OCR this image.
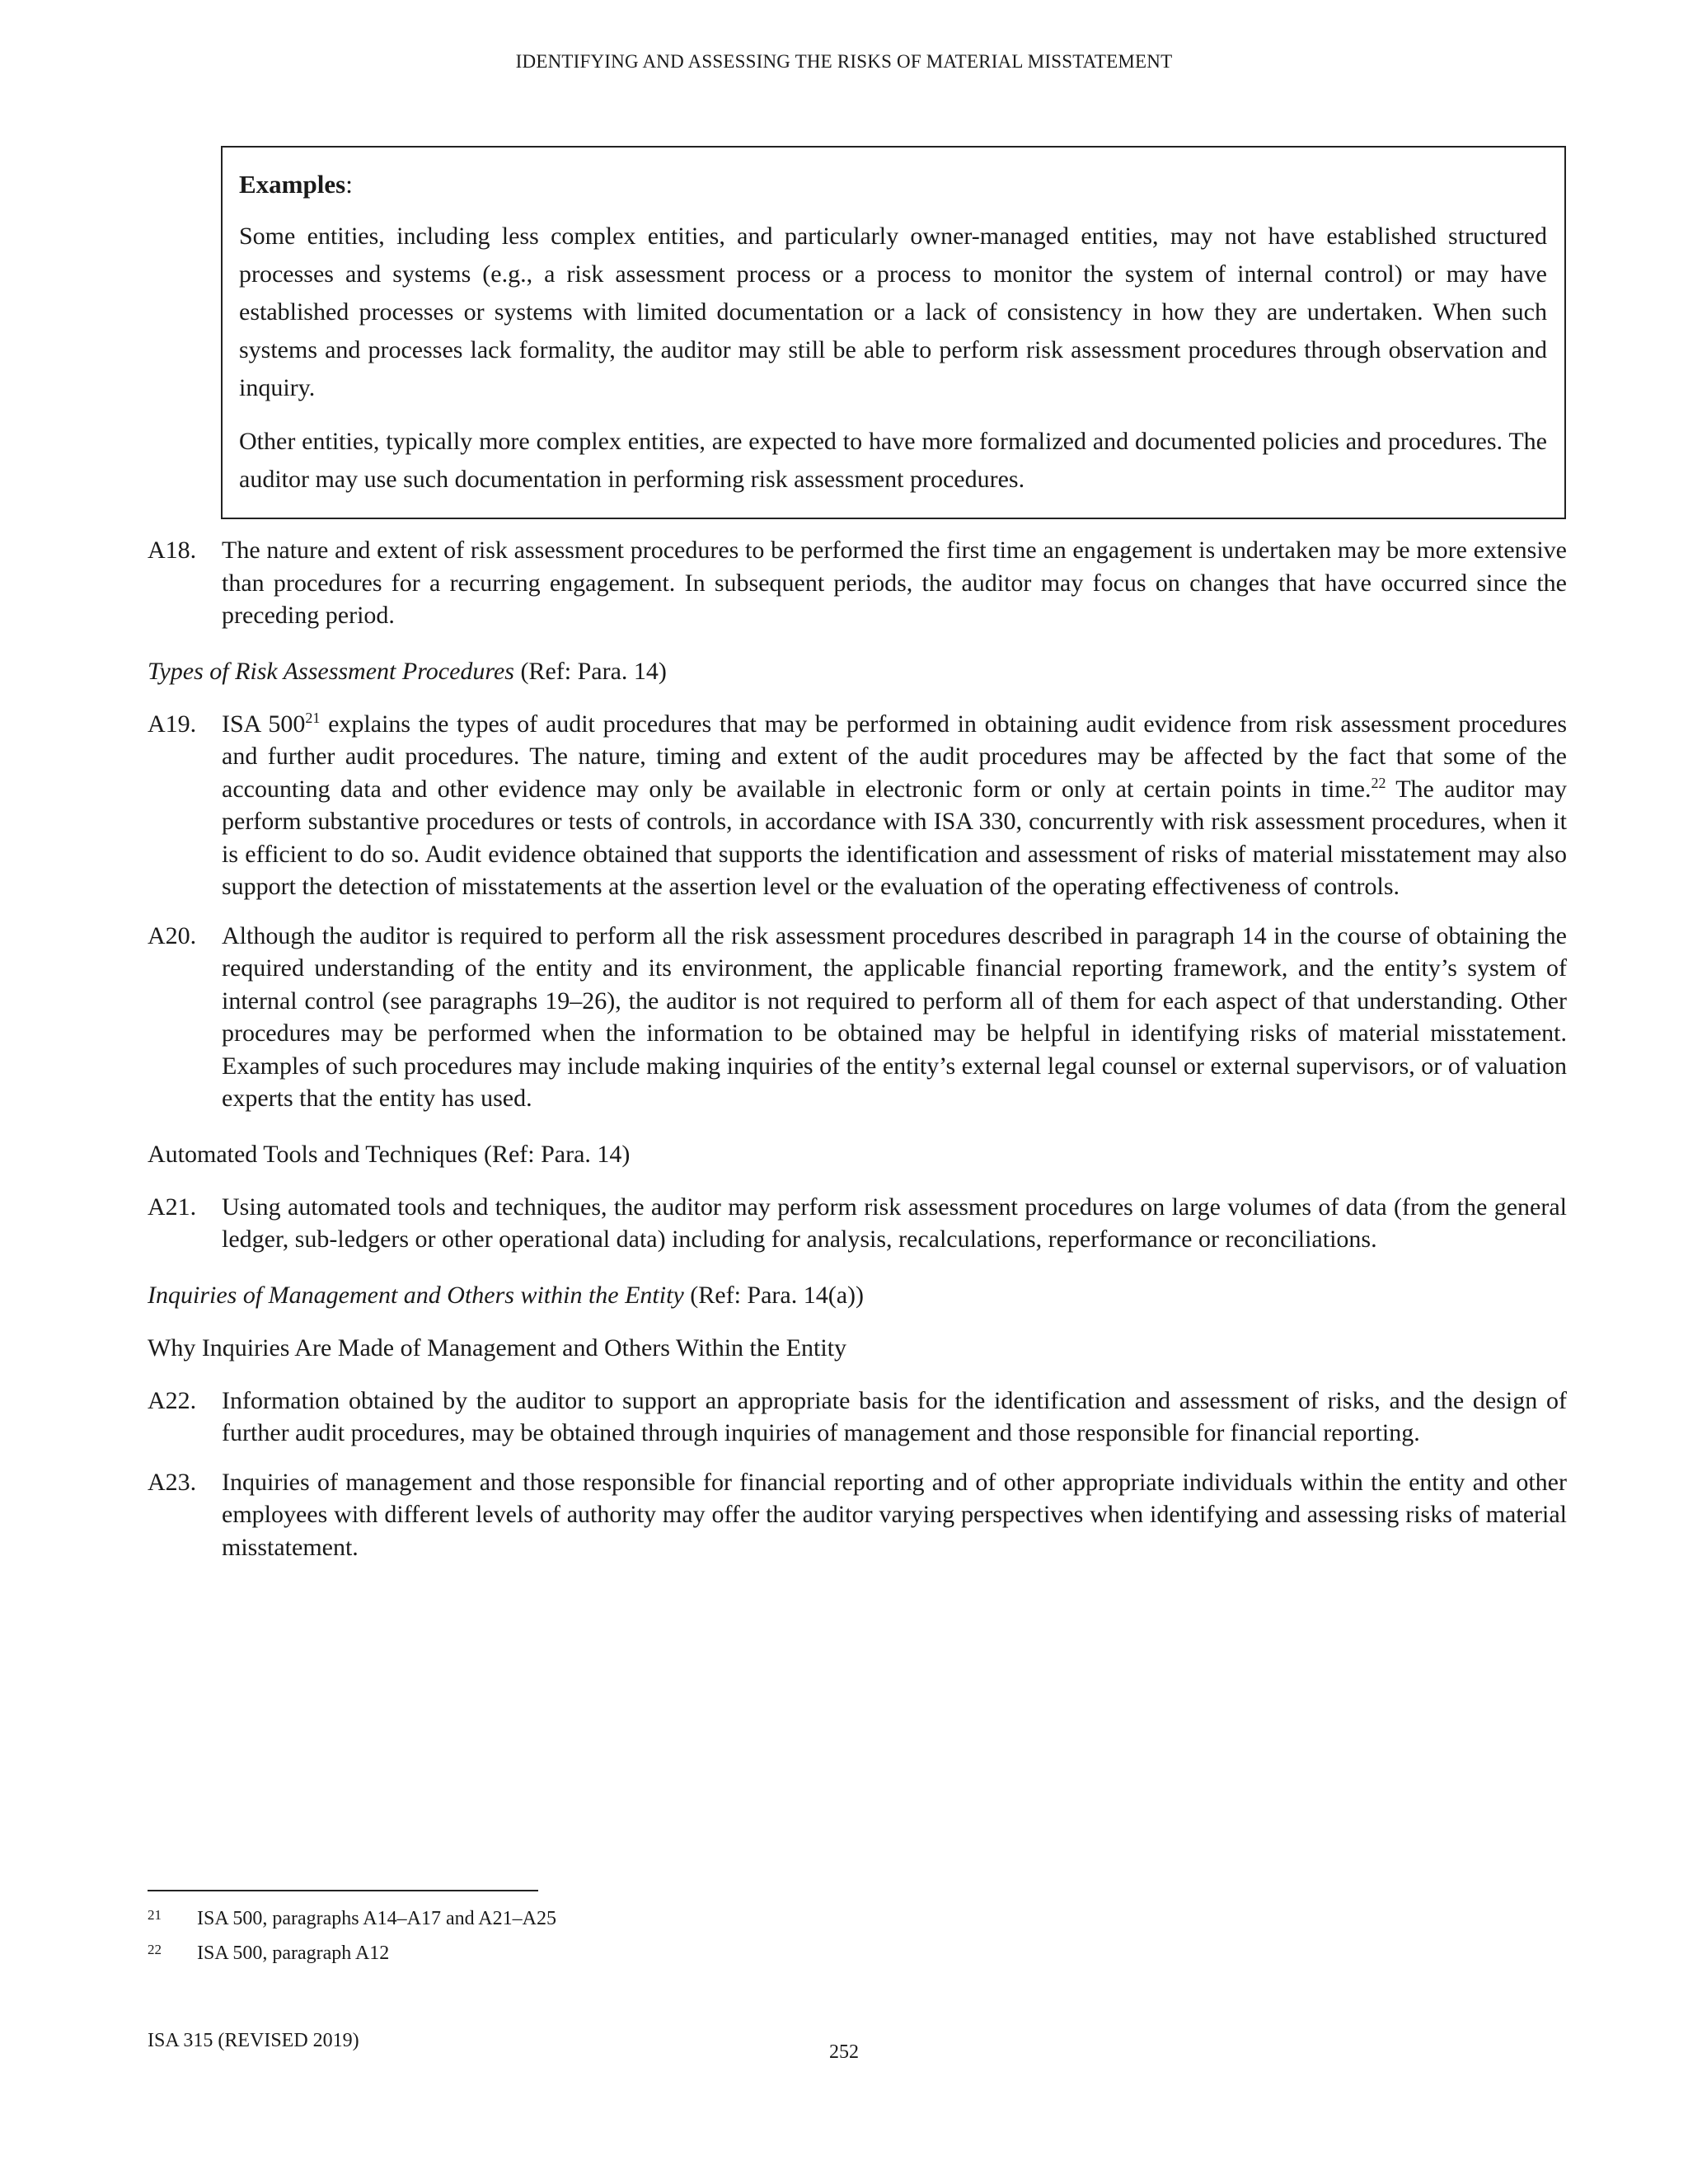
IDENTIFYING AND ASSESSING THE RISKS OF MATERIAL MISSTATEMENT
Examples:

Some entities, including less complex entities, and particularly owner-managed entities, may not have established structured processes and systems (e.g., a risk assessment process or a process to monitor the system of internal control) or may have established processes or systems with limited documentation or a lack of consistency in how they are undertaken. When such systems and processes lack formality, the auditor may still be able to perform risk assessment procedures through observation and inquiry.

Other entities, typically more complex entities, are expected to have more formalized and documented policies and procedures. The auditor may use such documentation in performing risk assessment procedures.

A18.	The nature and extent of risk assessment procedures to be performed the first time an engagement is undertaken may be more extensive than procedures for a recurring engagement. In subsequent periods, the auditor may focus on changes that have occurred since the preceding period.
Types of Risk Assessment Procedures (Ref: Para. 14)
A19.	ISA $500^{21}$ explains the types of audit procedures that may be performed in obtaining audit evidence from risk assessment procedures and further audit procedures. The nature, timing and extent of the audit procedures may be affected by the fact that some of the accounting data and other evidence may only be available in electronic form or only at certain points in time.$^{22}$ The auditor may perform substantive procedures or tests of controls, in accordance with ISA 330, concurrently with risk assessment procedures, when it is efficient to do so. Audit evidence obtained that supports the identification and assessment of risks of material misstatement may also support the detection of misstatements at the assertion level or the evaluation of the operating effectiveness of controls.
A20.	Although the auditor is required to perform all the risk assessment procedures described in paragraph 14 in the course of obtaining the required understanding of the entity and its environment, the applicable financial reporting framework, and the entity’s system of internal control (see paragraphs 19–26), the auditor is not required to perform all of them for each aspect of that understanding. Other procedures may be performed when the information to be obtained may be helpful in identifying risks of material misstatement. Examples of such procedures may include making inquiries of the entity’s external legal counsel or external supervisors, or of valuation experts that the entity has used.
Automated Tools and Techniques (Ref: Para. 14)
A21.	Using automated tools and techniques, the auditor may perform risk assessment procedures on large volumes of data (from the general ledger, sub-ledgers or other operational data) including for analysis, recalculations, reperformance or reconciliations.
Inquiries of Management and Others within the Entity (Ref: Para. 14(a))
Why Inquiries Are Made of Management and Others Within the Entity
A22.	Information obtained by the auditor to support an appropriate basis for the identification and assessment of risks, and the design of further audit procedures, may be obtained through inquiries of management and those responsible for financial reporting.
A23.	Inquiries of management and those responsible for financial reporting and of other appropriate individuals within the entity and other employees with different levels of authority may offer the auditor varying perspectives when identifying and assessing risks of material misstatement.
21	ISA 500, paragraphs A14–A17 and A21–A25
22	ISA 500, paragraph A12
ISA 315 (REVISED 2019)
252
